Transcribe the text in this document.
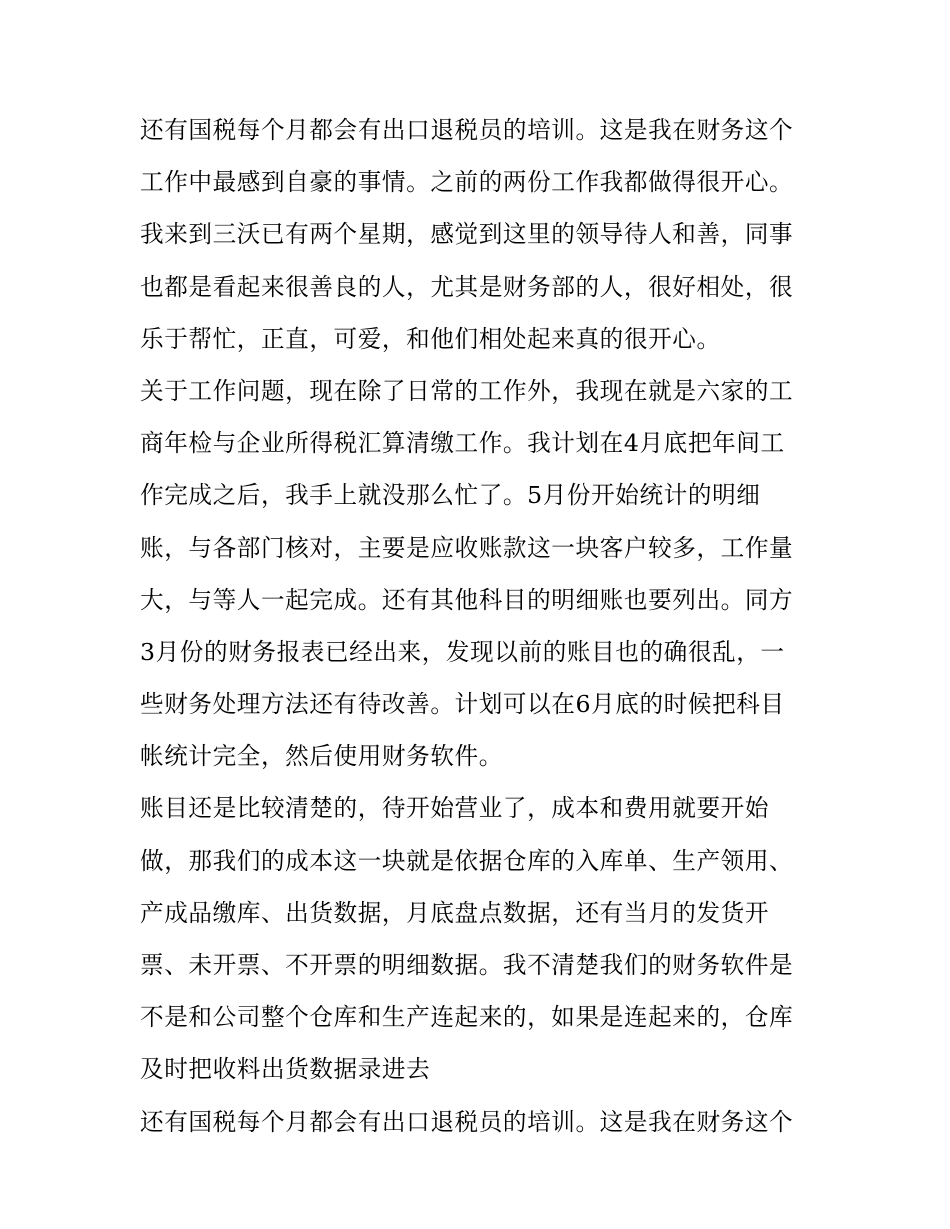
还有国税每个月都会有出口退税员的培训。这是我在财务这个
工作中最感到自豪的事情。之前的两份工作我都做得很开心。
我来到三沃已有两个星期，感觉到这里的领导待人和善，同事
也都是看起来很善良的人，尤其是财务部的人，很好相处，很
乐于帮忙，正直，可爱，和他们相处起来真的很开心。
关于工作问题，现在除了日常的工作外，我现在就是六家的工
商年检与企业所得税汇算清缴工作。我计划在4月底把年间工
作完成之后，我手上就没那么忙了。5月份开始统计的明细
账，与各部门核对，主要是应收账款这一块客户较多，工作量
大，与等人一起完成。还有其他科目的明细账也要列出。同方
3月份的财务报表已经出来，发现以前的账目也的确很乱，一
些财务处理方法还有待改善。计划可以在6月底的时候把科目
帐统计完全，然后使用财务软件。
账目还是比较清楚的，待开始营业了，成本和费用就要开始
做，那我们的成本这一块就是依据仓库的入库单、生产领用、
产成品缴库、出货数据，月底盘点数据，还有当月的发货开
票、未开票、不开票的明细数据。我不清楚我们的财务软件是
不是和公司整个仓库和生产连起来的，如果是连起来的，仓库
及时把收料出货数据录进去
还有国税每个月都会有出口退税员的培训。这是我在财务这个
